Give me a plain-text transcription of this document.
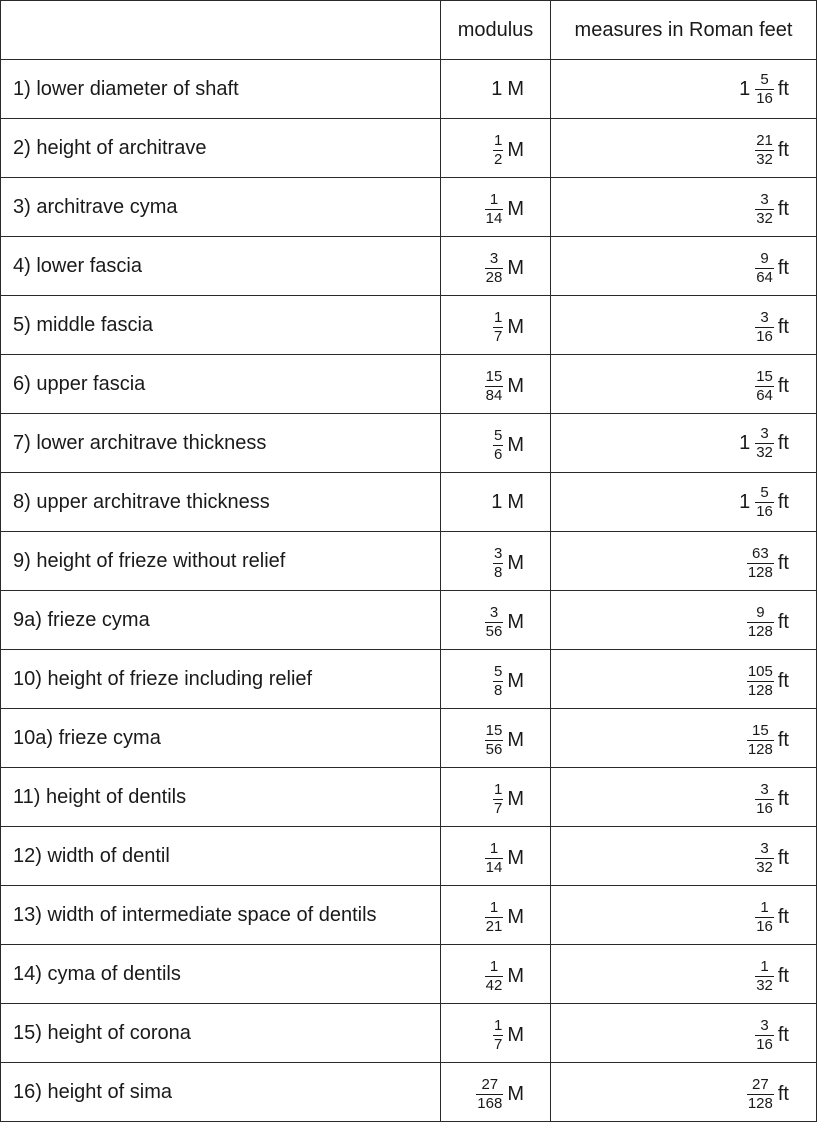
	modulus	measures in Roman feet
1) lower diameter of shaft	1 M	$1 \frac{5}{16}$ ft

2) height of architrave	$\frac{1}{2}$ M	$\frac{21}{32}$ ft

3) architrave cyma	$\frac{1}{14}$ M	$\frac{3}{32}$ ft

4) lower fascia	$\frac{3}{28}$ M	$\frac{9}{64}$ ft

5) middle fascia	$\frac{1}{7}$ M	$\frac{3}{16}$ ft

6) upper fascia	$\frac{15}{84}$ M	$\frac{15}{64}$ ft

7) lower architrave thickness	$\frac{5}{6}$ M	$1 \frac{3}{32}$ ft

8) upper architrave thickness	1 M	$1 \frac{5}{16}$ ft

9) height of frieze without relief	$\frac{3}{8}$ M	$\frac{63}{128}$ ft

9a) frieze cyma	$\frac{3}{56}$ M	$\frac{9}{128}$ ft

10) height of frieze including relief	$\frac{5}{8}$ M	$\frac{105}{128}$ ft

10a) frieze cyma	$\frac{15}{56}$ M	$\frac{15}{128}$ ft

11) height of dentils	$\frac{1}{7}$ M	$\frac{3}{16}$ ft

12) width of dentil	$\frac{1}{14}$ M	$\frac{3}{32}$ ft

13) width of intermediate space of dentils	$\frac{1}{21}$ M	$\frac{1}{16}$ ft

14) cyma of dentils	$\frac{1}{42}$ M	$\frac{1}{32}$ ft

15) height of corona	$\frac{1}{7}$ M	$\frac{3}{16}$ ft

16) height of sima	$\frac{27}{168}$ M	$\frac{27}{128}$ ft
